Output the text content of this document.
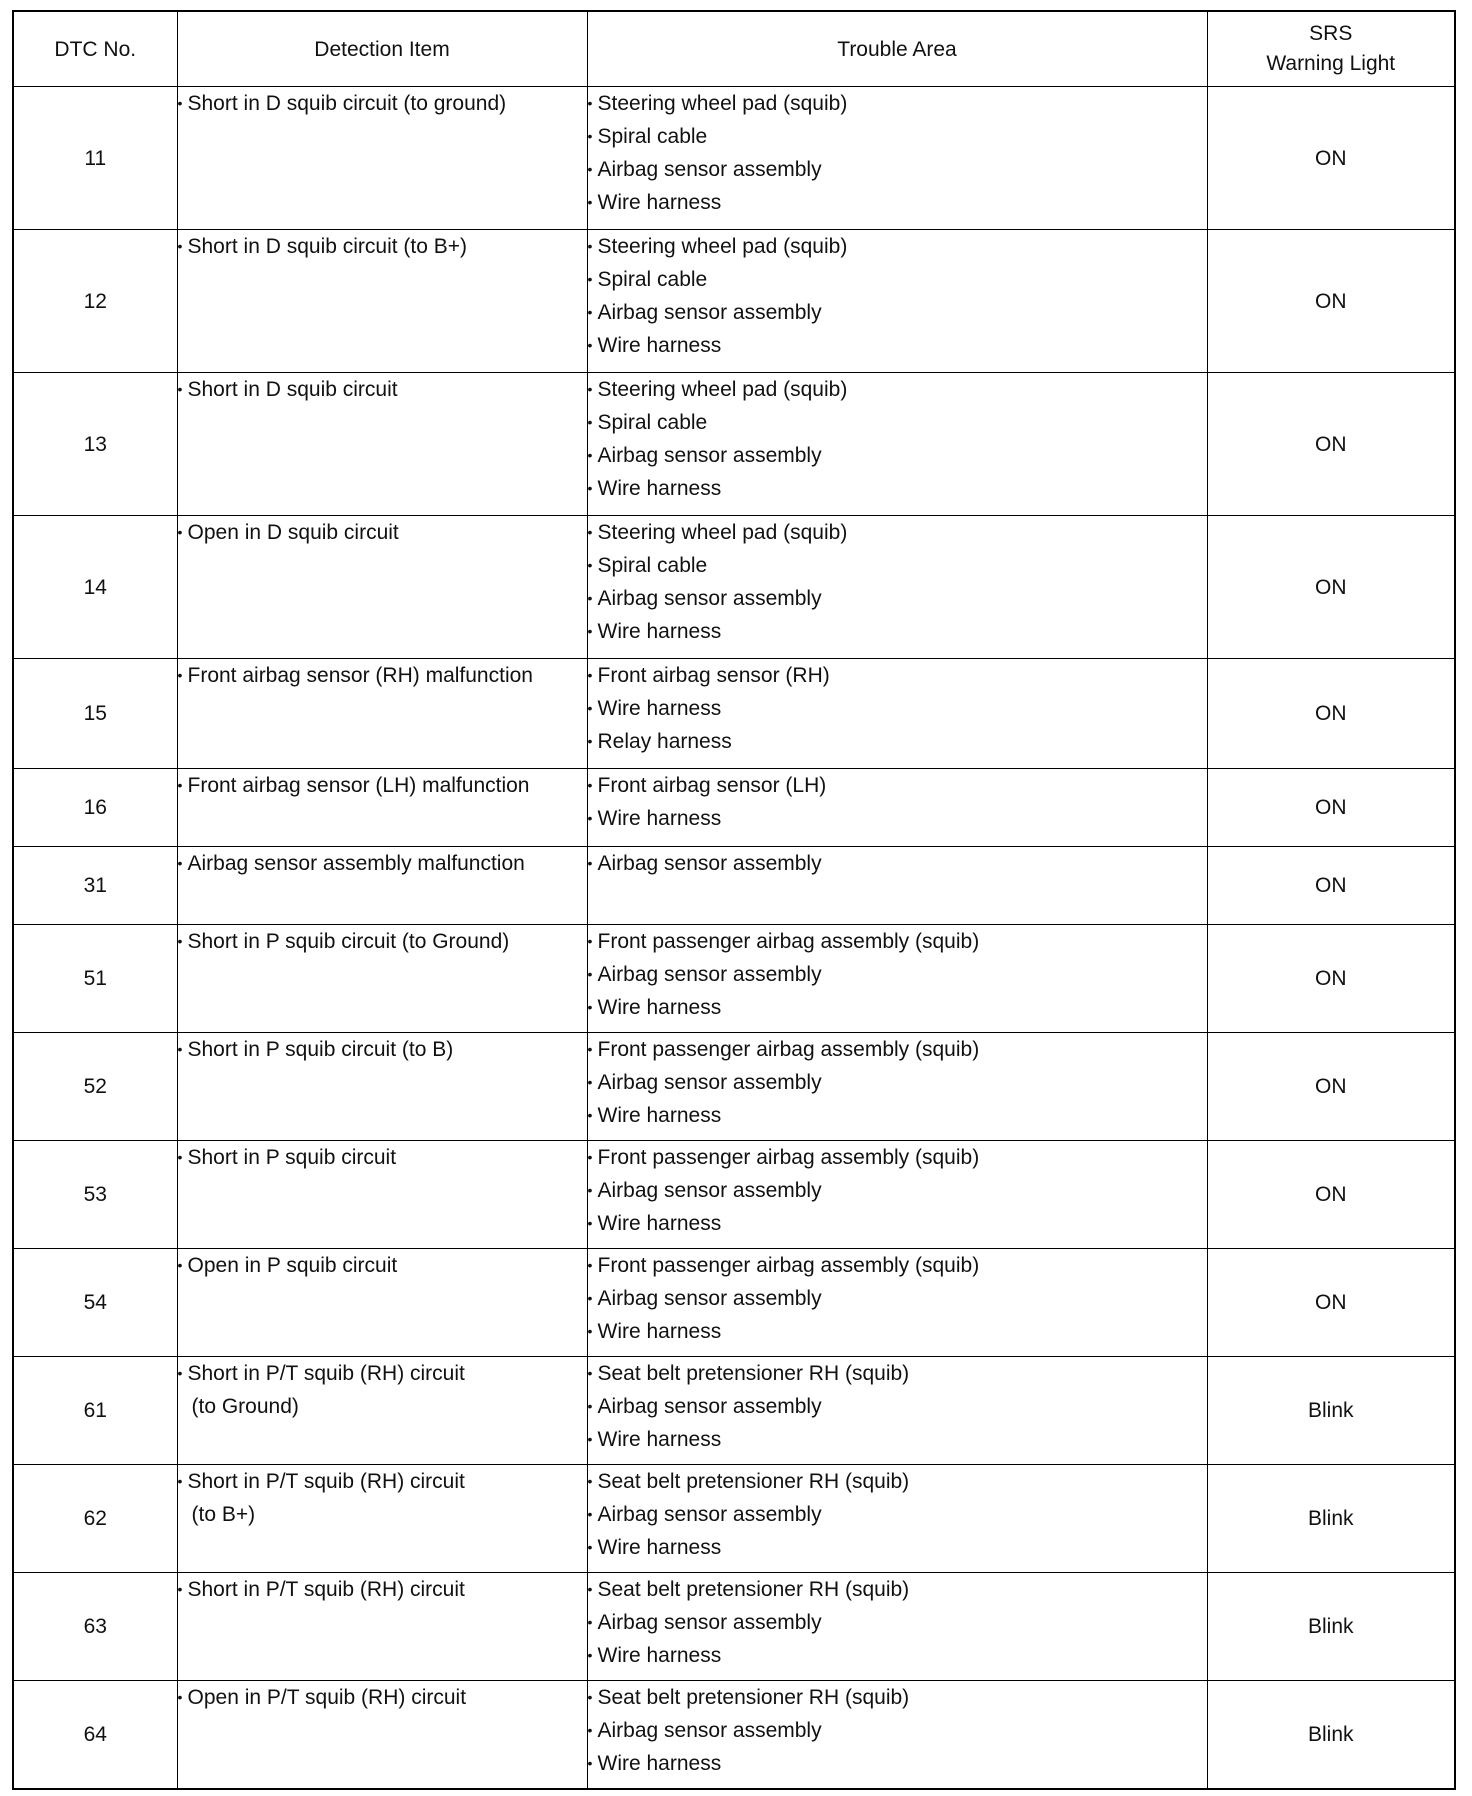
DTC No.	Detection Item	Trouble Area	SRS
Warning Light

11	• Short in D squib circuit (to ground)	• Steering wheel pad (squib)
• Spiral cable
• Airbag sensor assembly
• Wire harness	ON
12	• Short in D squib circuit (to B+)	• Steering wheel pad (squib)
• Spiral cable
• Airbag sensor assembly
• Wire harness	ON
13	• Short in D squib circuit	• Steering wheel pad (squib)
• Spiral cable
• Airbag sensor assembly
• Wire harness	ON
14	• Open in D squib circuit	• Steering wheel pad (squib)
• Spiral cable
• Airbag sensor assembly
• Wire harness	ON
15	• Front airbag sensor (RH) malfunction	• Front airbag sensor (RH)
• Wire harness
• Relay harness	ON
16	• Front airbag sensor (LH) malfunction	• Front airbag sensor (LH)
• Wire harness	ON
31	• Airbag sensor assembly malfunction	• Airbag sensor assembly	ON
51	• Short in P squib circuit (to Ground)	• Front passenger airbag assembly (squib)
• Airbag sensor assembly
• Wire harness	ON
52	• Short in P squib circuit (to B)	• Front passenger airbag assembly (squib)
• Airbag sensor assembly
• Wire harness	ON
53	• Short in P squib circuit	• Front passenger airbag assembly (squib)
• Airbag sensor assembly
• Wire harness	ON
54	• Open in P squib circuit	• Front passenger airbag assembly (squib)
• Airbag sensor assembly
• Wire harness	ON
61	• Short in P/T squib (RH) circuit
(to Ground)	• Seat belt pretensioner RH (squib)
• Airbag sensor assembly
• Wire harness	Blink
62	• Short in P/T squib (RH) circuit
(to B+)	• Seat belt pretensioner RH (squib)
• Airbag sensor assembly
• Wire harness	Blink
63	• Short in P/T squib (RH) circuit	• Seat belt pretensioner RH (squib)
• Airbag sensor assembly
• Wire harness	Blink
64	• Open in P/T squib (RH) circuit	• Seat belt pretensioner RH (squib)
• Airbag sensor assembly
• Wire harness	Blink
